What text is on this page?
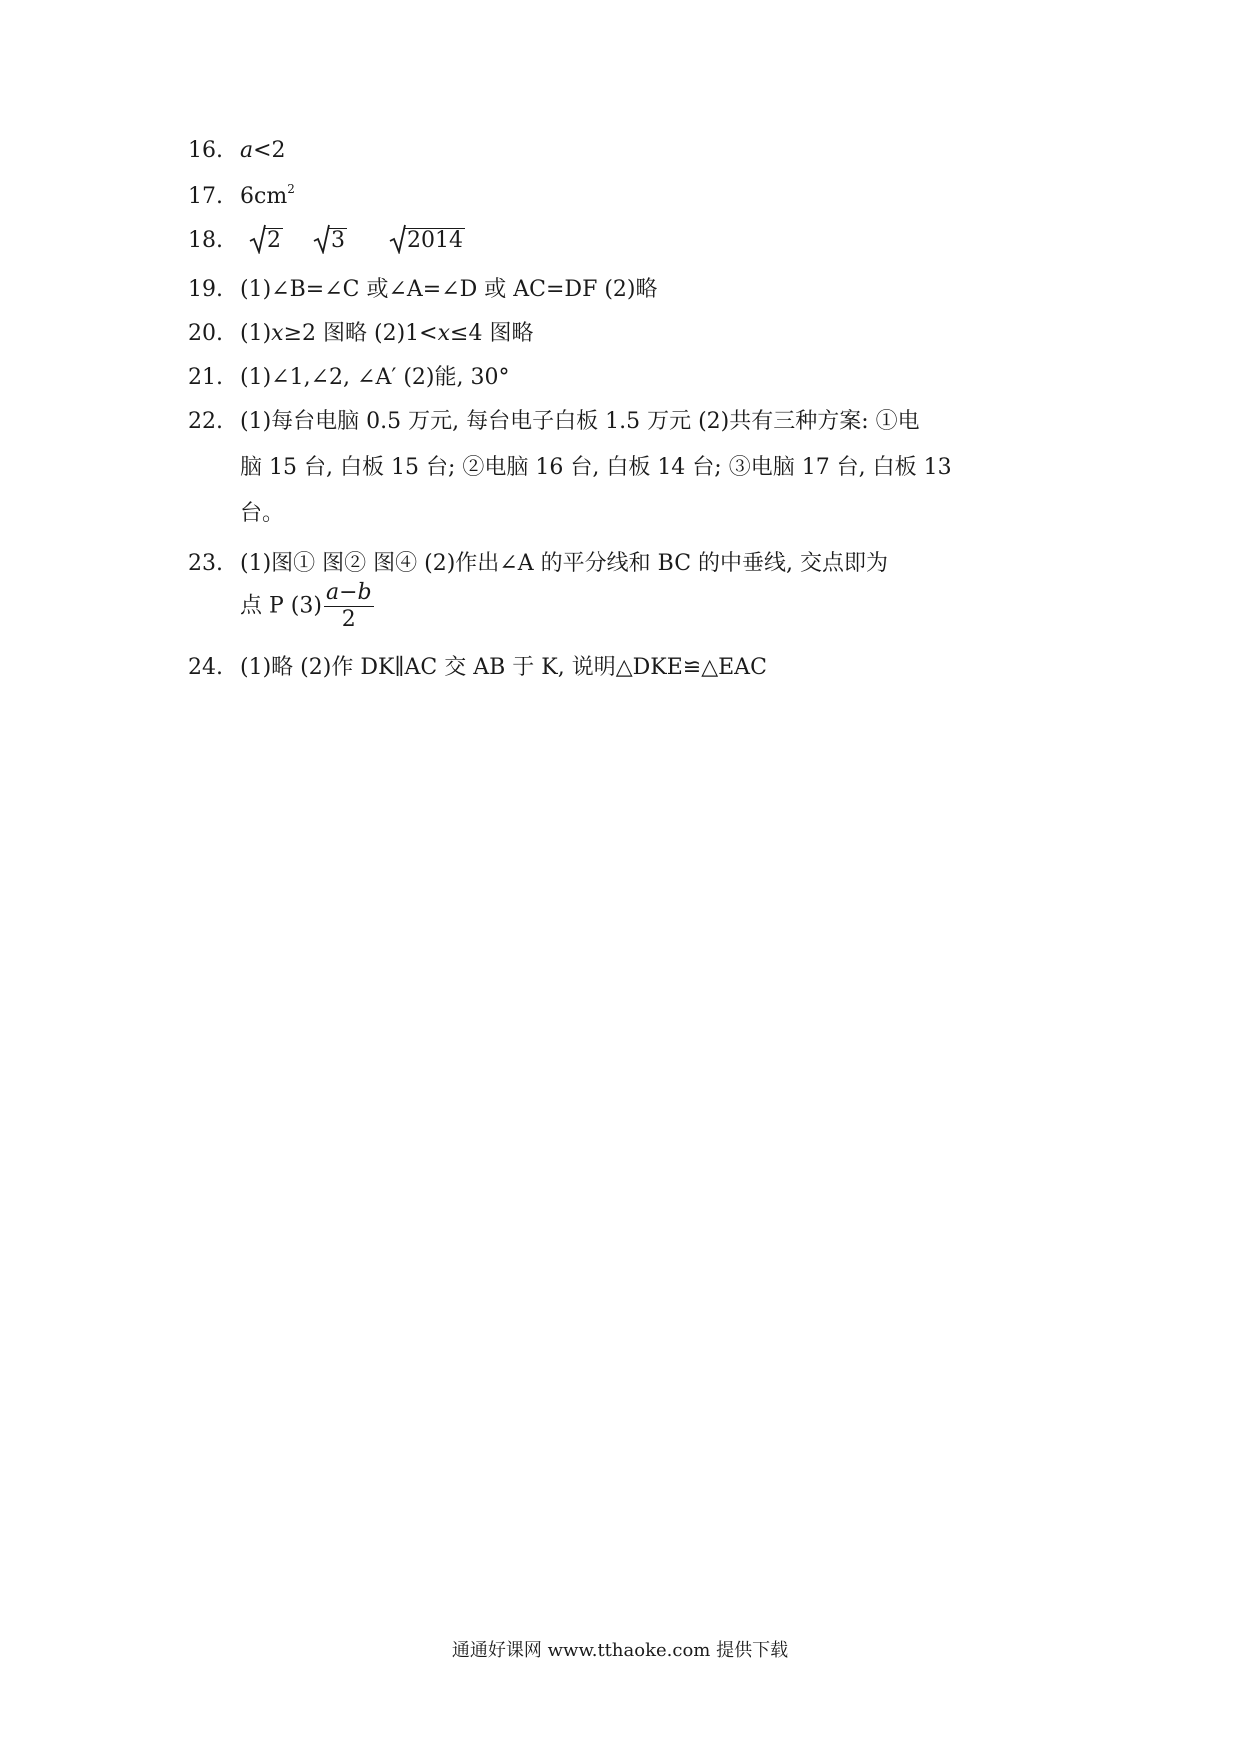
16. a<2
17. $6cm^2$
18. 2 3	2014
19. (1)∠B=∠C 或∠A=∠D 或 AC=DF (2)略
20. (1)x≥2 图略 (2)1<x≤4 图略
21. (1)∠1,∠2, ∠A′ (2)能, 30°
22. (1)每台电脑 0.5 万元, 每台电子白板 1.5 万元 (2)共有三种方案: ①电
脑 15 台, 白板 15 台; ②电脑 16 台, 白板 14 台; ③电脑 17 台, 白板 13
台。
23. (1)图① 图② 图④ (2)作出∠A 的平分线和 BC 的中垂线, 交点即为
点 P $(3) \frac{a-b}{2}$
24. (1)略 (2)作 DK∥AC 交 AB 于 K, 说明△DKE≌△EAC
通通好课网 www.tthaoke.com 提供下载
